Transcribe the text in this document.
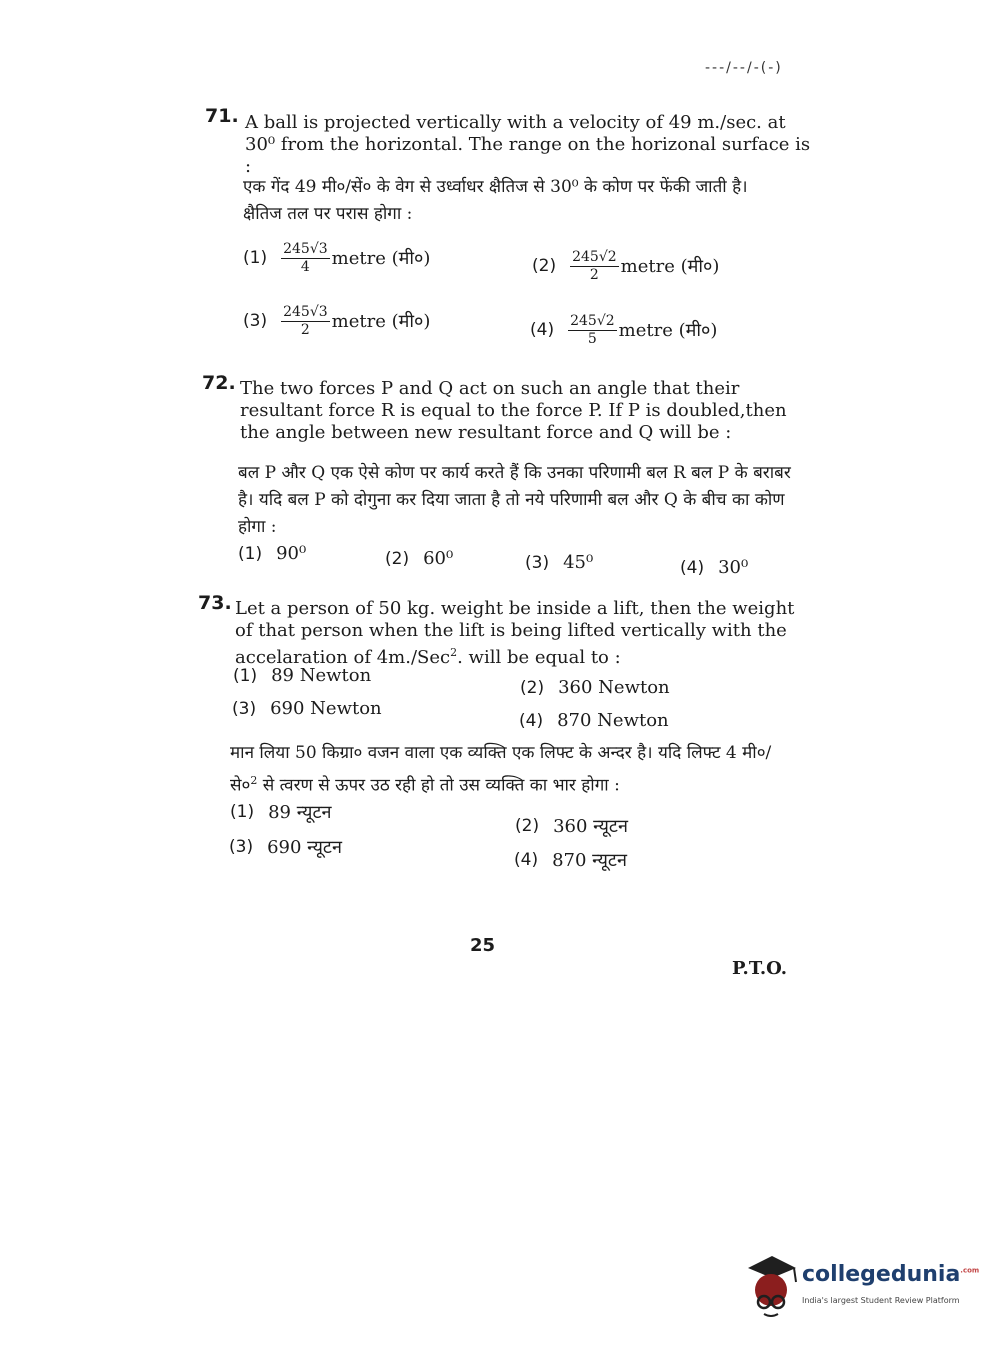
---/--/-(-)
71. A ball is projected vertically with a velocity of 49 m./sec. at 30⁰ from the horizontal. The range on the horizonal surface is :
एक गेंद 49 मी०/सें० के वेग से उर्ध्वाधर क्षैतिज से 30⁰ के कोण पर फेंकी जाती है। क्षैतिज तल पर परास होगा :
$(1) \frac{245√3}{4}$ metre (मी०)	$(2) \frac{245√2}{2}$ metre (मी०)
$(3) \frac{245√3}{2}$ metre (मी०)	$(4) \frac{245√2}{5}$ metre (मी०)
72. The two forces P and Q act on such an angle that their resultant force R is equal to the force P. If P is doubled,then the angle between new resultant force and Q will be :
बल P और Q एक ऐसे कोण पर कार्य करते हैं कि उनका परिणामी बल R बल P के बराबर है। यदि बल P को दोगुना कर दिया जाता है तो नये परिणामी बल और Q के बीच का कोण होगा :
(1) 90⁰	(2) 60⁰	(3) 45⁰	(4) 30⁰
73. Let a person of 50 kg. weight be inside a lift, then the weight of that person when the lift is being lifted vertically with the accelaration of 4m./Sec$^2$. will be equal to :
(1) 89 Newton
(2) 360 Newton
(3) 690 Newton
(4) 870 Newton
मान लिया 50 किग्रा० वजन वाला एक व्यक्ति एक लिफ्ट के अन्दर है। यदि लिफ्ट 4 $मी०/से०^2$ से त्वरण से ऊपर उठ रही हो तो उस व्यक्ति का भार होगा :
(1) 89 न्यूटन
(2) 360 न्यूटन
(3) 690 न्यूटन
(4) 870 न्यूटन
25
P.T.O.
collegedunia$^{.com}$
India's largest Student Review Platform
